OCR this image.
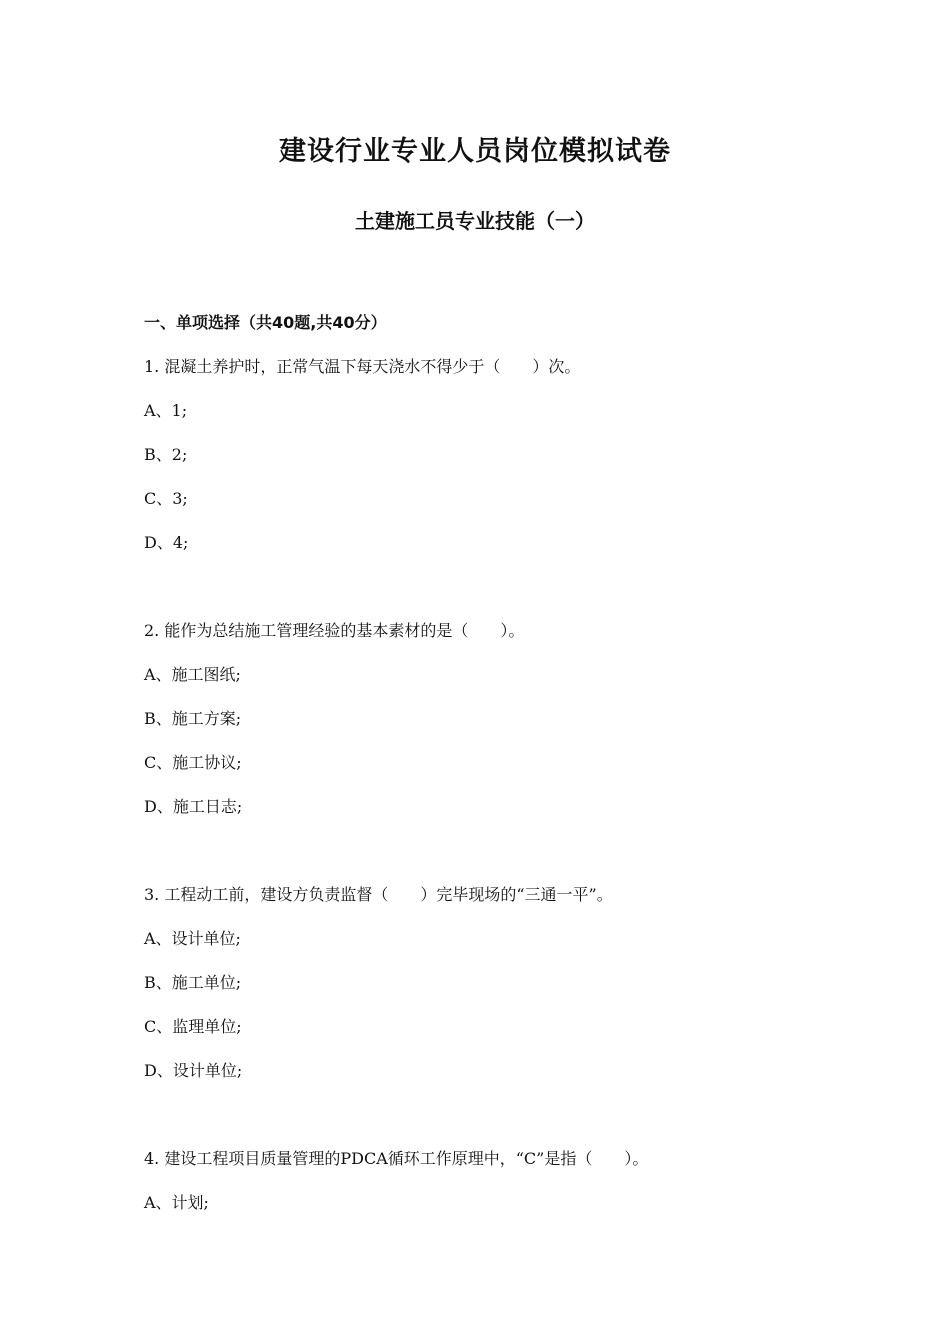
建设行业专业人员岗位模拟试卷
土建施工员专业技能（一）
一、单项选择（共40题,共40分）
1. 混凝土养护时，正常气温下每天浇水不得少于（　　）次。
A、1;
B、2;
C、3;
D、4;
2. 能作为总结施工管理经验的基本素材的是（　　）。
A、施工图纸;
B、施工方案;
C、施工协议;
D、施工日志;
3. 工程动工前，建设方负责监督（　　）完毕现场的“三通一平”。
A、设计单位;
B、施工单位;
C、监理单位;
D、设计单位;
4. 建设工程项目质量管理的PDCA循环工作原理中，“C”是指（　　）。
A、计划;
